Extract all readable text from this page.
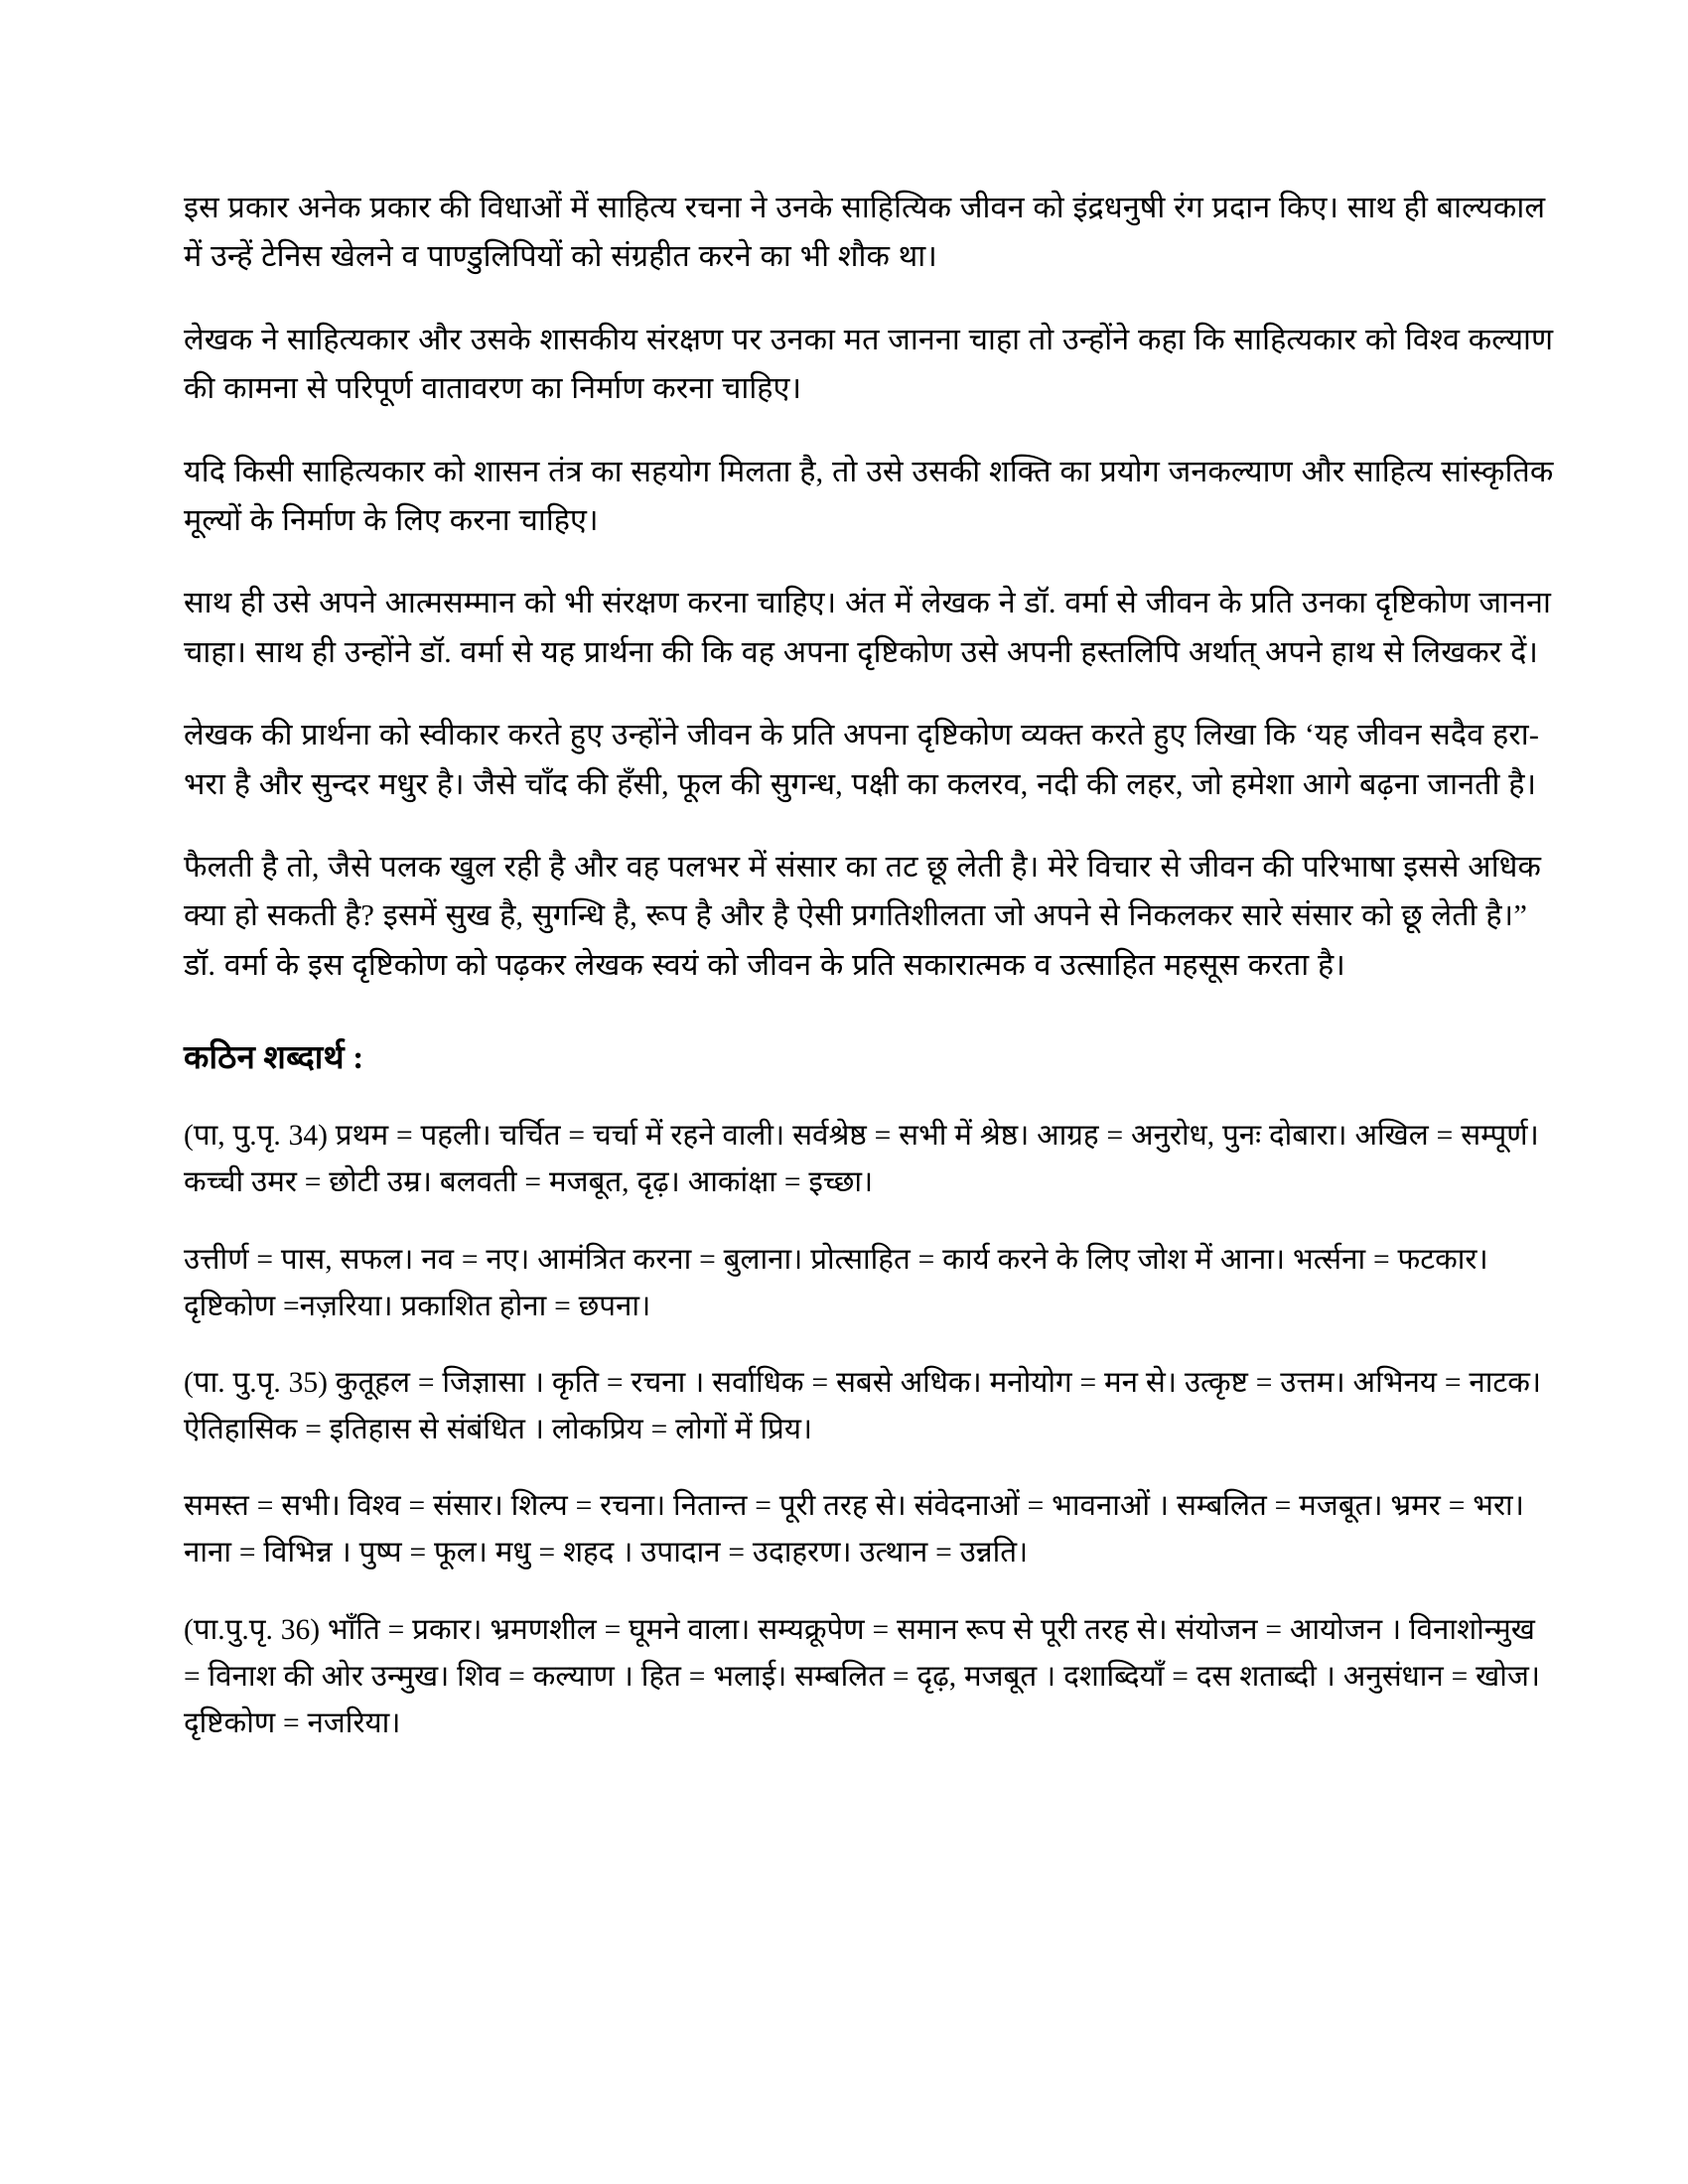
इस प्रकार अनेक प्रकार की विधाओं में साहित्य रचना ने उनके साहित्यिक जीवन को इंद्रधनुषी रंग प्रदान किए। साथ ही बाल्यकाल में उन्हें टेनिस खेलने व पाण्डुलिपियों को संग्रहीत करने का भी शौक था।

लेखक ने साहित्यकार और उसके शासकीय संरक्षण पर उनका मत जानना चाहा तो उन्होंने कहा कि साहित्यकार को विश्व कल्याण की कामना से परिपूर्ण वातावरण का निर्माण करना चाहिए।

यदि किसी साहित्यकार को शासन तंत्र का सहयोग मिलता है, तो उसे उसकी शक्ति का प्रयोग जनकल्याण और साहित्य सांस्कृतिक मूल्यों के निर्माण के लिए करना चाहिए।

साथ ही उसे अपने आत्मसम्मान को भी संरक्षण करना चाहिए। अंत में लेखक ने डॉ. वर्मा से जीवन के प्रति उनका दृष्टिकोण जानना चाहा। साथ ही उन्होंने डॉ. वर्मा से यह प्रार्थना की कि वह अपना दृष्टिकोण उसे अपनी हस्तलिपि अर्थात् अपने हाथ से लिखकर दें।

लेखक की प्रार्थना को स्वीकार करते हुए उन्होंने जीवन के प्रति अपना दृष्टिकोण व्यक्त करते हुए लिखा कि ‘यह जीवन सदैव हरा-भरा है और सुन्दर मधुर है। जैसे चाँद की हँसी, फूल की सुगन्ध, पक्षी का कलरव, नदी की लहर, जो हमेशा आगे बढ़ना जानती है।

फैलती है तो, जैसे पलक खुल रही है और वह पलभर में संसार का तट छू लेती है। मेरे विचार से जीवन की परिभाषा इससे अधिक क्या हो सकती है? इसमें सुख है, सुगन्धि है, रूप है और है ऐसी प्रगतिशीलता जो अपने से निकलकर सारे संसार को छू लेती है।” डॉ. वर्मा के इस दृष्टिकोण को पढ़कर लेखक स्वयं को जीवन के प्रति सकारात्मक व उत्साहित महसूस करता है।

कठिन शब्दार्थ :

(पा, पु.पृ. 34) प्रथम = पहली। चर्चित = चर्चा में रहने वाली। सर्वश्रेष्ठ = सभी में श्रेष्ठ। आग्रह = अनुरोध, पुनः दोबारा। अखिल = सम्पूर्ण। कच्ची उमर = छोटी उम्र। बलवती = मजबूत, दृढ़। आकांक्षा = इच्छा।

उत्तीर्ण = पास, सफल। नव = नए। आमंत्रित करना = बुलाना। प्रोत्साहित = कार्य करने के लिए जोश में आना। भर्त्सना = फटकार। दृष्टिकोण =नज़रिया। प्रकाशित होना = छपना।

(पा. पु.पृ. 35) कुतूहल = जिज्ञासा । कृति = रचना । सर्वाधिक = सबसे अधिक। मनोयोग = मन से। उत्कृष्ट = उत्तम। अभिनय = नाटक। ऐतिहासिक = इतिहास से संबंधित । लोकप्रिय = लोगों में प्रिय।

समस्त = सभी। विश्व = संसार। शिल्प = रचना। नितान्त = पूरी तरह से। संवेदनाओं = भावनाओं । सम्बलित = मजबूत। भ्रमर = भरा। नाना = विभिन्न । पुष्प = फूल। मधु = शहद । उपादान = उदाहरण। उत्थान = उन्नति।

(पा.पु.पृ. 36) भाँति = प्रकार। भ्रमणशील = घूमने वाला। सम्यक्रूपेण = समान रूप से पूरी तरह से। संयोजन = आयोजन । विनाशोन्मुख = विनाश की ओर उन्मुख। शिव = कल्याण । हित = भलाई। सम्बलित = दृढ़, मजबूत । दशाब्दियाँ = दस शताब्दी । अनुसंधान = खोज। दृष्टिकोण = नजरिया।
